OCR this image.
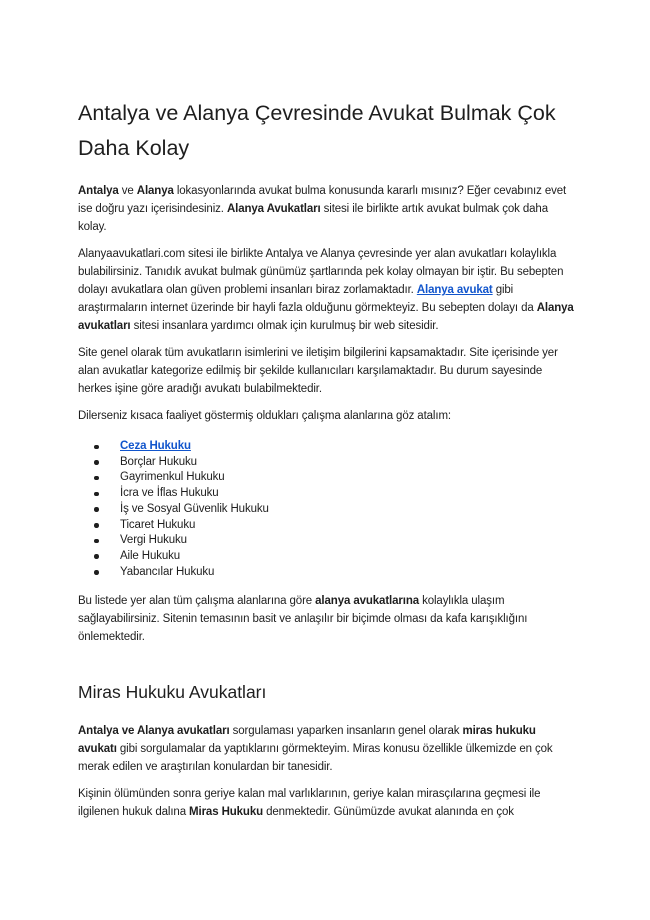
Antalya ve Alanya Çevresinde Avukat Bulmak Çok
Daha Kolay

Antalya ve Alanya lokasyonlarında avukat bulma konusunda kararlı mısınız? Eğer cevabınız evet ise doğru yazı içerisindesiniz. Alanya Avukatları sitesi ile birlikte artık avukat bulmak çok daha kolay.

Alanyaavukatlari.com sitesi ile birlikte Antalya ve Alanya çevresinde yer alan avukatları kolaylıkla bulabilirsiniz. Tanıdık avukat bulmak günümüz şartlarında pek kolay olmayan bir iştir. Bu sebepten dolayı avukatlara olan güven problemi insanları biraz zorlamaktadır. Alanya avukat gibi araştırmaların internet üzerinde bir hayli fazla olduğunu görmekteyiz. Bu sebepten dolayı da Alanya avukatları sitesi insanlara yardımcı olmak için kurulmuş bir web sitesidir.

Site genel olarak tüm avukatların isimlerini ve iletişim bilgilerini kapsamaktadır. Site içerisinde yer alan avukatlar kategorize edilmiş bir şekilde kullanıcıları karşılamaktadır. Bu durum sayesinde herkes işine göre aradığı avukatı bulabilmektedir.

Dilerseniz kısaca faaliyet göstermiş oldukları çalışma alanlarına göz atalım:

Ceza Hukuku
Borçlar Hukuku
Gayrimenkul Hukuku
İcra ve İflas Hukuku
İş ve Sosyal Güvenlik Hukuku
Ticaret Hukuku
Vergi Hukuku
Aile Hukuku
Yabancılar Hukuku

Bu listede yer alan tüm çalışma alanlarına göre alanya avukatlarına kolaylıkla ulaşım sağlayabilirsiniz. Sitenin temasının basit ve anlaşılır bir biçimde olması da kafa karışıklığını önlemektedir.

Miras Hukuku Avukatları

Antalya ve Alanya avukatları sorgulaması yaparken insanların genel olarak miras hukuku avukatı gibi sorgulamalar da yaptıklarını görmekteyim. Miras konusu özellikle ülkemizde en çok merak edilen ve araştırılan konulardan bir tanesidir.

Kişinin ölümünden sonra geriye kalan mal varlıklarının, geriye kalan mirasçılarına geçmesi ile ilgilenen hukuk dalına Miras Hukuku denmektedir. Günümüzde avukat alanında en çok
